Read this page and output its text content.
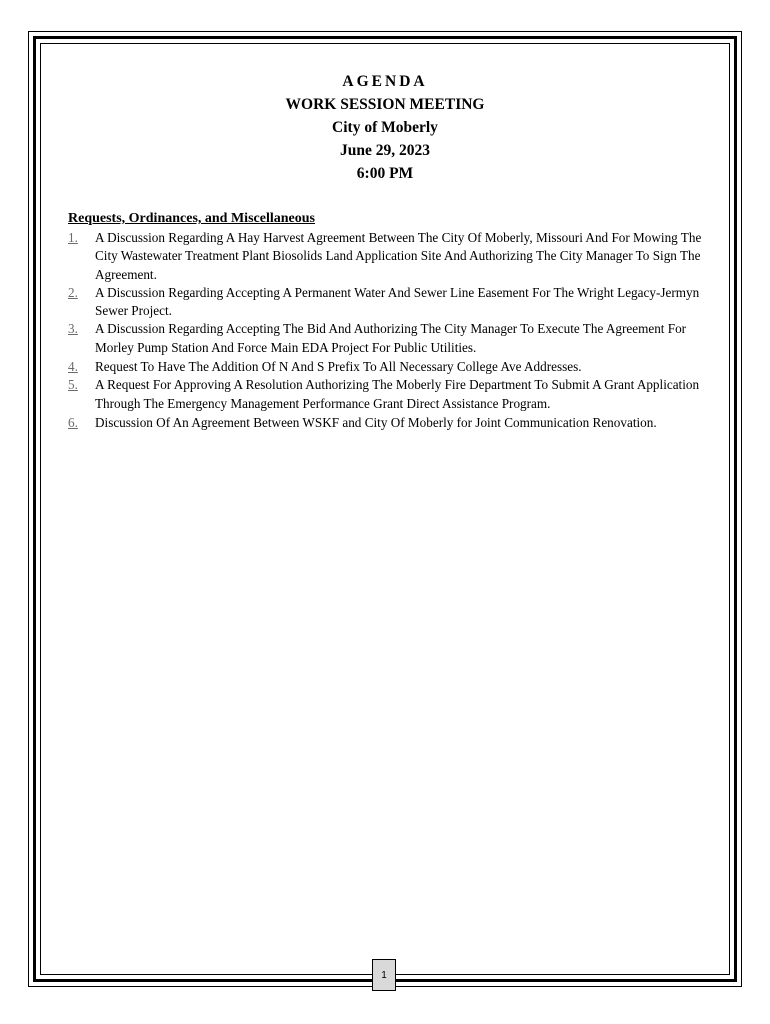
AGENDA
WORK SESSION MEETING
City of Moberly
June 29, 2023
6:00 PM
Requests, Ordinances, and Miscellaneous
1. A Discussion Regarding A Hay Harvest Agreement Between The City Of Moberly, Missouri And For Mowing The City Wastewater Treatment Plant Biosolids Land Application Site And Authorizing The City Manager To Sign The Agreement.
2. A Discussion Regarding Accepting A Permanent Water And Sewer Line Easement For The Wright Legacy-Jermyn Sewer Project.
3. A Discussion Regarding Accepting The Bid And Authorizing The City Manager To Execute The Agreement For Morley Pump Station And Force Main EDA Project For Public Utilities.
4. Request To Have The Addition Of N And S Prefix To All Necessary College Ave Addresses.
5. A Request For Approving A Resolution Authorizing The Moberly Fire Department To Submit A Grant Application Through The Emergency Management Performance Grant Direct Assistance Program.
6. Discussion Of An Agreement Between WSKF and City Of Moberly for Joint Communication Renovation.
1
